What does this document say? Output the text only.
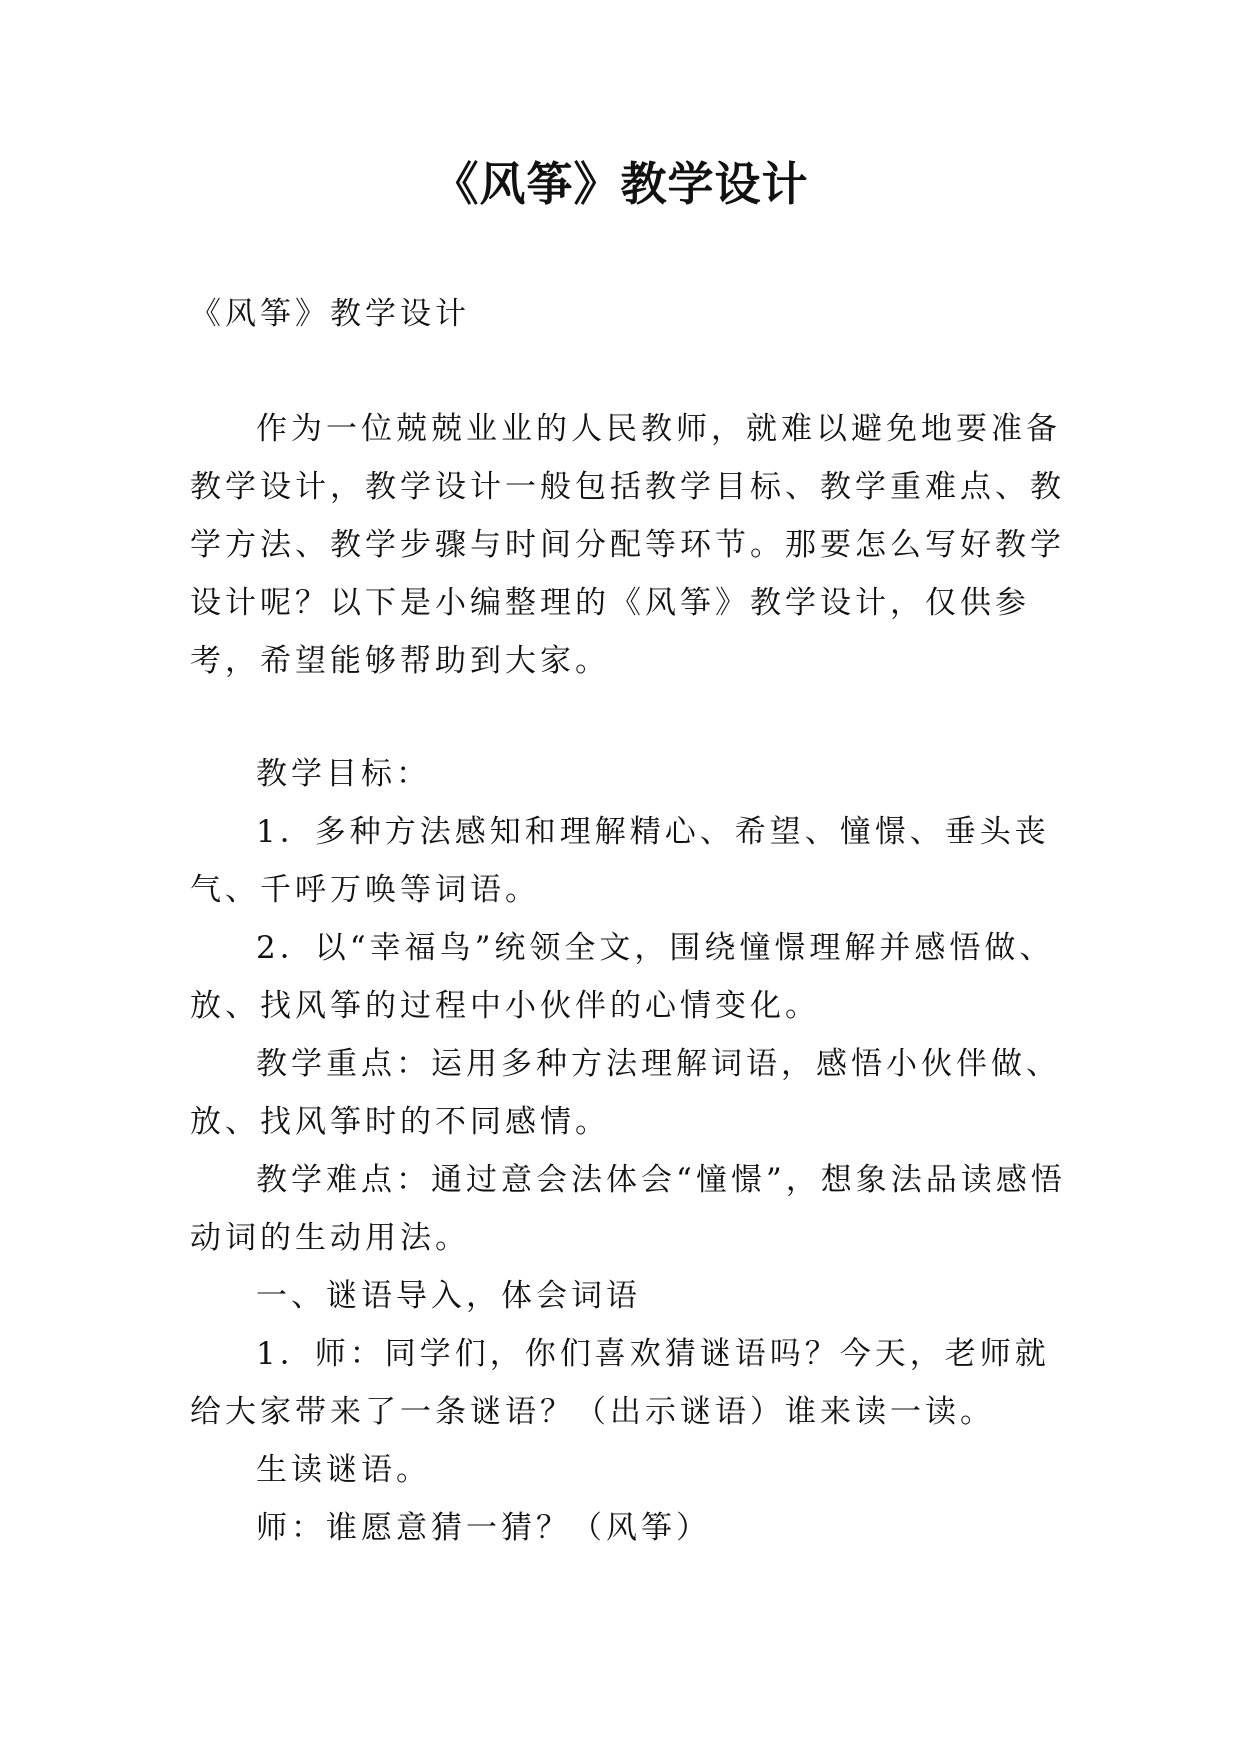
《风筝》教学设计

《风筝》教学设计

作为一位兢兢业业的人民教师，就难以避免地要准备教学设计，教学设计一般包括教学目标、教学重难点、教学方法、教学步骤与时间分配等环节。那要怎么写好教学设计呢？以下是小编整理的《风筝》教学设计，仅供参考，希望能够帮助到大家。

教学目标：

1．多种方法感知和理解精心、希望、憧憬、垂头丧气、千呼万唤等词语。

2．以“幸福鸟”统领全文，围绕憧憬理解并感悟做、放、找风筝的过程中小伙伴的心情变化。

教学重点：运用多种方法理解词语，感悟小伙伴做、放、找风筝时的不同感情。

教学难点：通过意会法体会“憧憬”，想象法品读感悟动词的生动用法。

一、谜语导入，体会词语

1．师：同学们，你们喜欢猜谜语吗？今天，老师就给大家带来了一条谜语？（出示谜语）谁来读一读。

生读谜语。

师：谁愿意猜一猜？（风筝）
